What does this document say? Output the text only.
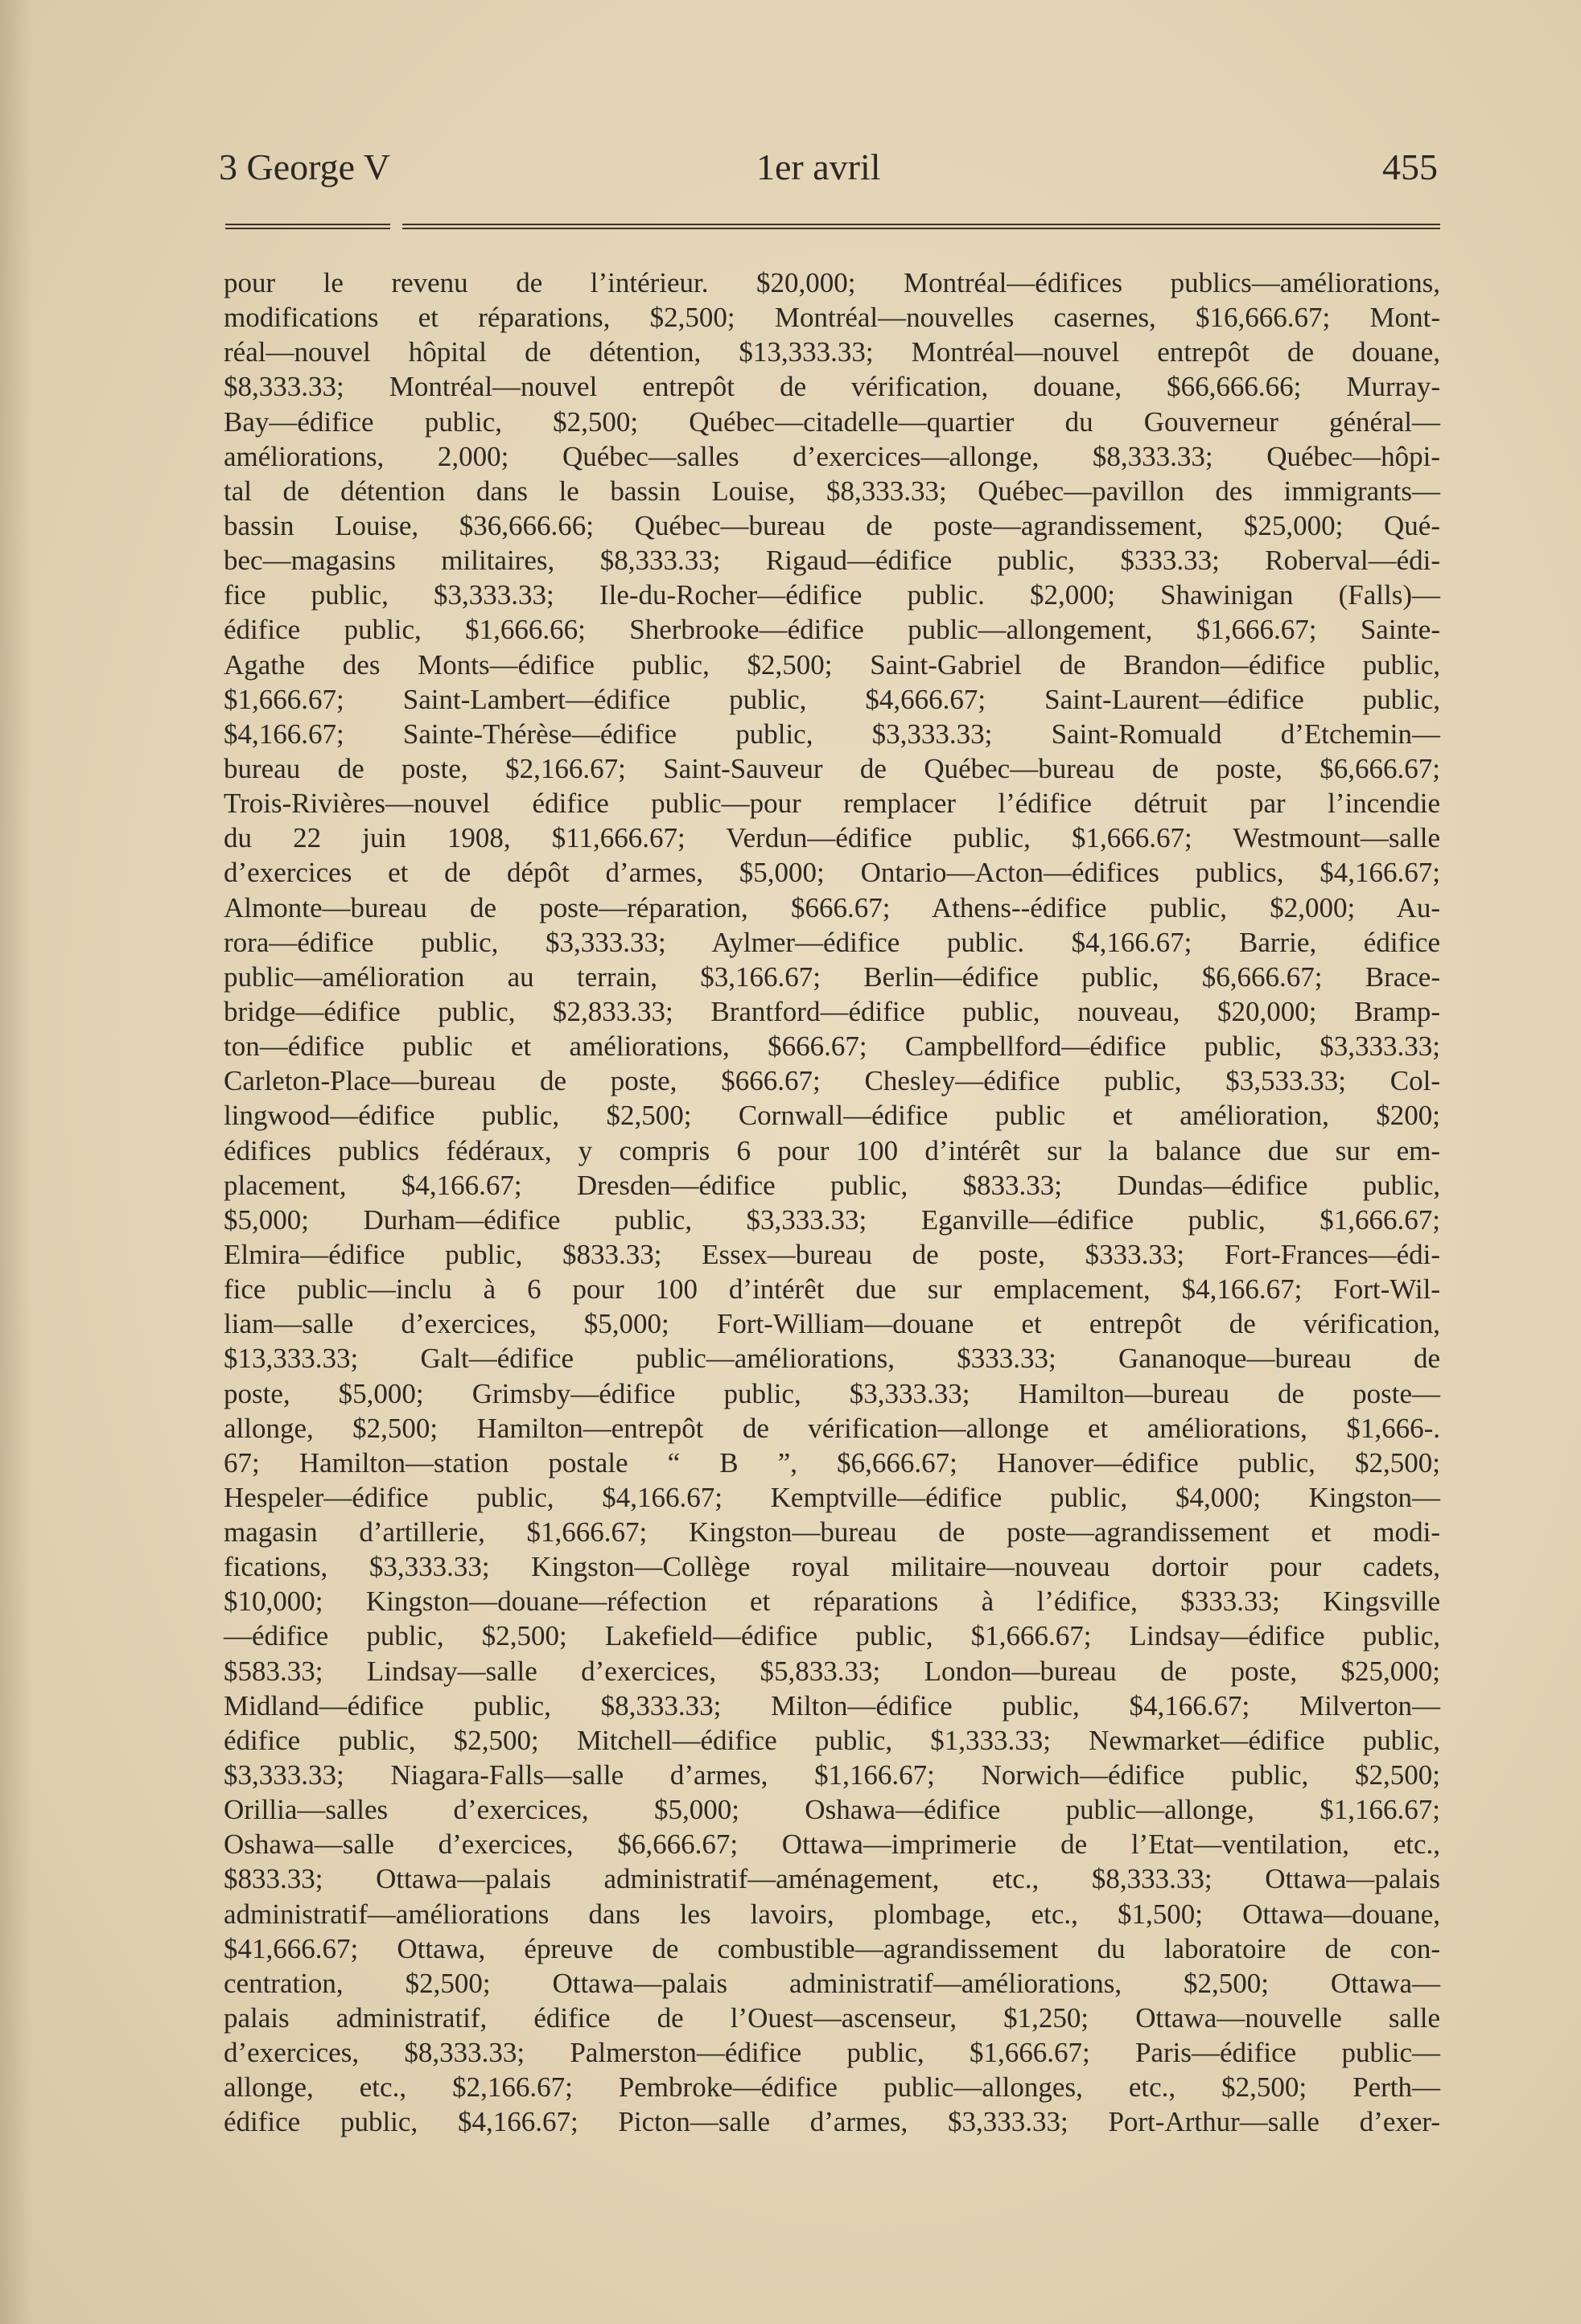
3 George V	1er avril	455
pour le revenu de l’intérieur. $20,000; Montréal—édifices publics—améliorations,
modifications et réparations, $2,500; Montréal—nouvelles casernes, $16,666.67; Mont-
réal—nouvel hôpital de détention, $13,333.33; Montréal—nouvel entrepôt de douane,
$8,333.33; Montréal—nouvel entrepôt de vérification, douane, $66,666.66; Murray-
Bay—édifice public, $2,500; Québec—citadelle—quartier du Gouverneur général—
améliorations, 2,000; Québec—salles d’exercices—allonge, $8,333.33; Québec—hôpi-
tal de détention dans le bassin Louise, $8,333.33; Québec—pavillon des immigrants—
bassin Louise, $36,666.66; Québec—bureau de poste—agrandissement, $25,000; Qué-
bec—magasins militaires, $8,333.33; Rigaud—édifice public, $333.33; Roberval—édi-
fice public, $3,333.33; Ile-du-Rocher—édifice public. $2,000; Shawinigan (Falls)—
édifice public, $1,666.66; Sherbrooke—édifice public—allongement, $1,666.67; Sainte-
Agathe des Monts—édifice public, $2,500; Saint-Gabriel de Brandon—édifice public,
$1,666.67; Saint-Lambert—édifice public, $4,666.67; Saint-Laurent—édifice public,
$4,166.67; Sainte-Thérèse—édifice public, $3,333.33; Saint-Romuald d’Etchemin—
bureau de poste, $2,166.67; Saint-Sauveur de Québec—bureau de poste, $6,666.67;
Trois-Rivières—nouvel édifice public—pour remplacer l’édifice détruit par l’incendie
du 22 juin 1908, $11,666.67; Verdun—édifice public, $1,666.67; Westmount—salle
d’exercices et de dépôt d’armes, $5,000; Ontario—Acton—édifices publics, $4,166.67;
Almonte—bureau de poste—réparation, $666.67; Athens--édifice public, $2,000; Au-
rora—édifice public, $3,333.33; Aylmer—édifice public. $4,166.67; Barrie, édifice
public—amélioration au terrain, $3,166.67; Berlin—édifice public, $6,666.67; Brace-
bridge—édifice public, $2,833.33; Brantford—édifice public, nouveau, $20,000; Bramp-
ton—édifice public et améliorations, $666.67; Campbellford—édifice public, $3,333.33;
Carleton-Place—bureau de poste, $666.67; Chesley—édifice public, $3,533.33; Col-
lingwood—édifice public, $2,500; Cornwall—édifice public et amélioration, $200;
édifices publics fédéraux, y compris 6 pour 100 d’intérêt sur la balance due sur em-
placement, $4,166.67; Dresden—édifice public, $833.33; Dundas—édifice public,
$5,000; Durham—édifice public, $3,333.33; Eganville—édifice public, $1,666.67;
Elmira—édifice public, $833.33; Essex—bureau de poste, $333.33; Fort-Frances—édi-
fice public—inclu à 6 pour 100 d’intérêt due sur emplacement, $4,166.67; Fort-Wil-
liam—salle d’exercices, $5,000; Fort-William—douane et entrepôt de vérification,
$13,333.33; Galt—édifice public—améliorations, $333.33; Gananoque—bureau de
poste, $5,000; Grimsby—édifice public, $3,333.33; Hamilton—bureau de poste—
allonge, $2,500; Hamilton—entrepôt de vérification—allonge et améliorations, $1,666-.
67; Hamilton—station postale “ B ”, $6,666.67; Hanover—édifice public, $2,500;
Hespeler—édifice public, $4,166.67; Kemptville—édifice public, $4,000; Kingston—
magasin d’artillerie, $1,666.67; Kingston—bureau de poste—agrandissement et modi-
fications, $3,333.33; Kingston—Collège royal militaire—nouveau dortoir pour cadets,
$10,000; Kingston—douane—réfection et réparations à l’édifice, $333.33; Kingsville
—édifice public, $2,500; Lakefield—édifice public, $1,666.67; Lindsay—édifice public,
$583.33; Lindsay—salle d’exercices, $5,833.33; London—bureau de poste, $25,000;
Midland—édifice public, $8,333.33; Milton—édifice public, $4,166.67; Milverton—
édifice public, $2,500; Mitchell—édifice public, $1,333.33; Newmarket—édifice public,
$3,333.33; Niagara-Falls—salle d’armes, $1,166.67; Norwich—édifice public, $2,500;
Orillia—salles d’exercices, $5,000; Oshawa—édifice public—allonge, $1,166.67;
Oshawa—salle d’exercices, $6,666.67; Ottawa—imprimerie de l’Etat—ventilation, etc.,
$833.33; Ottawa—palais administratif—aménagement, etc., $8,333.33; Ottawa—palais
administratif—améliorations dans les lavoirs, plombage, etc., $1,500; Ottawa—douane,
$41,666.67; Ottawa, épreuve de combustible—agrandissement du laboratoire de con-
centration, $2,500; Ottawa—palais administratif—améliorations, $2,500; Ottawa—
palais administratif, édifice de l’Ouest—ascenseur, $1,250; Ottawa—nouvelle salle
d’exercices, $8,333.33; Palmerston—édifice public, $1,666.67; Paris—édifice public—
allonge, etc., $2,166.67; Pembroke—édifice public—allonges, etc., $2,500; Perth—
édifice public, $4,166.67; Picton—salle d’armes, $3,333.33; Port-Arthur—salle d’exer-
